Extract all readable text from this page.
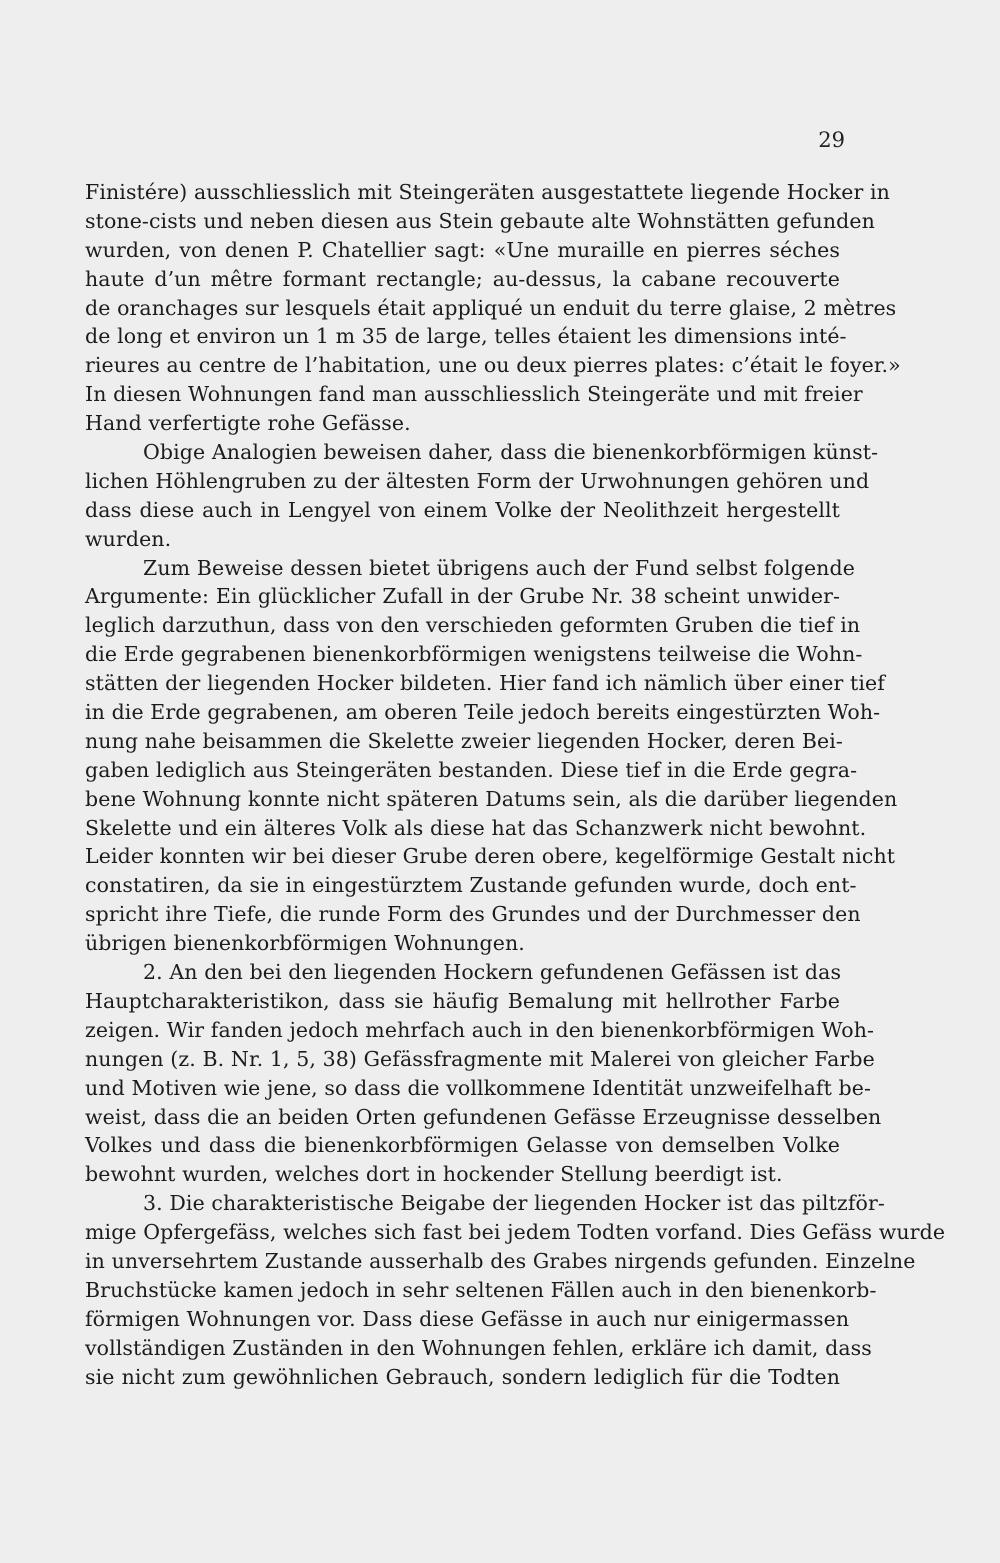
29
Finistére) ausschliesslich mit Steingeräten ausgestattete liegende Hocker in
stone-cists und neben diesen aus Stein gebaute alte Wohnstätten gefunden
wurden, von denen P. Chatellier sagt: «Une muraille en pierres séches
haute d’un mêtre formant rectangle; au-dessus, la cabane recouverte
de oranchages sur lesquels était appliqué un enduit du terre glaise, 2 mètres
de long et environ un 1 m 35 de large, telles étaient les dimensions inté-
rieures au centre de l’habitation, une ou deux pierres plates: c’était le foyer.»
In diesen Wohnungen fand man ausschliesslich Steingeräte und mit freier
Hand verfertigte rohe Gefässe.
Obige Analogien beweisen daher, dass die bienenkorbförmigen künst-
lichen Höhlengruben zu der ältesten Form der Urwohnungen gehören und
dass diese auch in Lengyel von einem Volke der Neolithzeit hergestellt
wurden.
Zum Beweise dessen bietet übrigens auch der Fund selbst folgende
Argumente: Ein glücklicher Zufall in der Grube Nr. 38 scheint unwider-
leglich darzuthun, dass von den verschieden geformten Gruben die tief in
die Erde gegrabenen bienenkorbförmigen wenigstens teilweise die Wohn-
stätten der liegenden Hocker bildeten. Hier fand ich nämlich über einer tief
in die Erde gegrabenen, am oberen Teile jedoch bereits eingestürzten Woh-
nung nahe beisammen die Skelette zweier liegenden Hocker, deren Bei-
gaben lediglich aus Steingeräten bestanden. Diese tief in die Erde gegra-
bene Wohnung konnte nicht späteren Datums sein, als die darüber liegenden
Skelette und ein älteres Volk als diese hat das Schanzwerk nicht bewohnt.
Leider konnten wir bei dieser Grube deren obere, kegelförmige Gestalt nicht
constatiren, da sie in eingestürztem Zustande gefunden wurde, doch ent-
spricht ihre Tiefe, die runde Form des Grundes und der Durchmesser den
übrigen bienenkorbförmigen Wohnungen.
2. An den bei den liegenden Hockern gefundenen Gefässen ist das
Hauptcharakteristikon, dass sie häufig Bemalung mit hellrother Farbe
zeigen. Wir fanden jedoch mehrfach auch in den bienenkorbförmigen Woh-
nungen (z. B. Nr. 1, 5, 38) Gefässfragmente mit Malerei von gleicher Farbe
und Motiven wie jene, so dass die vollkommene Identität unzweifelhaft be-
weist, dass die an beiden Orten gefundenen Gefässe Erzeugnisse desselben
Volkes und dass die bienenkorbförmigen Gelasse von demselben Volke
bewohnt wurden, welches dort in hockender Stellung beerdigt ist.
3. Die charakteristische Beigabe der liegenden Hocker ist das piltzför-
mige Opfergefäss, welches sich fast bei jedem Todten vorfand. Dies Gefäss wurde
in unversehrtem Zustande ausserhalb des Grabes nirgends gefunden. Einzelne
Bruchstücke kamen jedoch in sehr seltenen Fällen auch in den bienenkorb-
förmigen Wohnungen vor. Dass diese Gefässe in auch nur einigermassen
vollständigen Zuständen in den Wohnungen fehlen, erkläre ich damit, dass
sie nicht zum gewöhnlichen Gebrauch, sondern lediglich für die Todten
